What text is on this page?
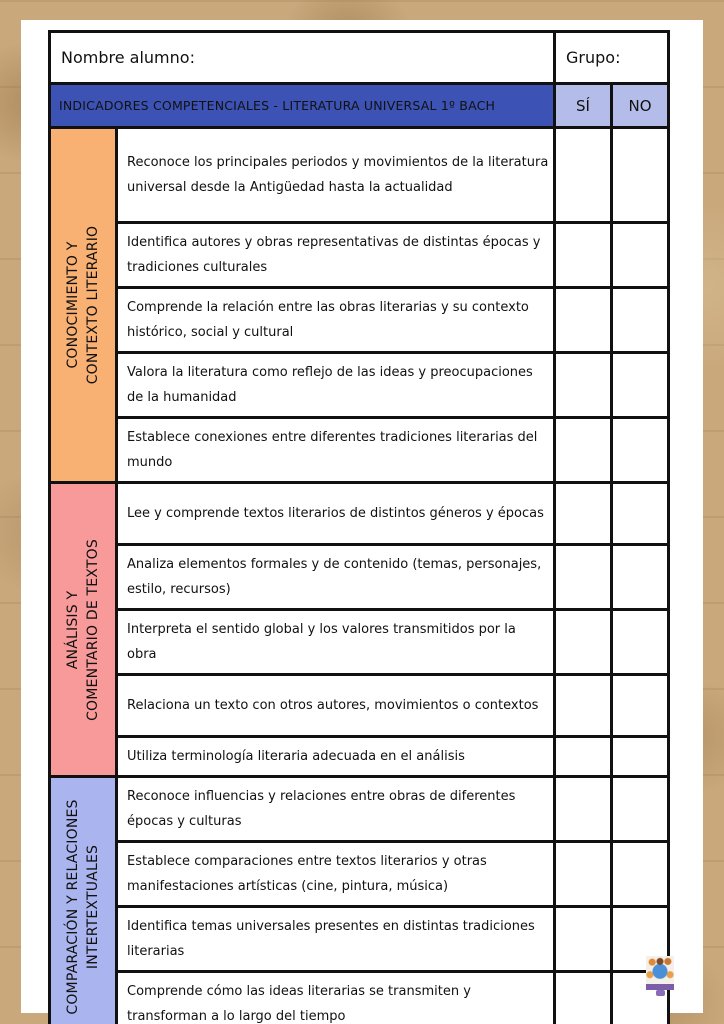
Nombre alumno:		Grupo:	
INDICADORES COMPETENCIALES - LITERATURA UNIVERSAL 1º BACH		SÍ	NO

CONOCIMIENTO Y CONTEXTO LITERARIO	Reconoce los principales periodos y movimientos de la literatura universal desde la Antigüedad hasta la actualidad		
	Identifica autores y obras representativas de distintas épocas y tradiciones culturales		
	Comprende la relación entre las obras literarias y su contexto histórico, social y cultural		
	Valora la literatura como reflejo de las ideas y preocupaciones de la humanidad		
	Establece conexiones entre diferentes tradiciones literarias del mundo		

ANÁLISIS Y COMENTARIO DE TEXTOS	Lee y comprende textos literarios de distintos géneros y épocas		
	Analiza elementos formales y de contenido (temas, personajes, estilo, recursos)		
	Interpreta el sentido global y los valores transmitidos por la obra		
	Relaciona un texto con otros autores, movimientos o contextos		
	Utiliza terminología literaria adecuada en el análisis		

COMPARACIÓN Y RELACIONES INTERTEXTUALES	Reconoce influencias y relaciones entre obras de diferentes épocas y culturas		
	Establece comparaciones entre textos literarios y otras manifestaciones artísticas (cine, pintura, música)		
	Identifica temas universales presentes en distintas tradiciones literarias		
	Comprende cómo las ideas literarias se transmiten y transforman a lo largo del tiempo		
